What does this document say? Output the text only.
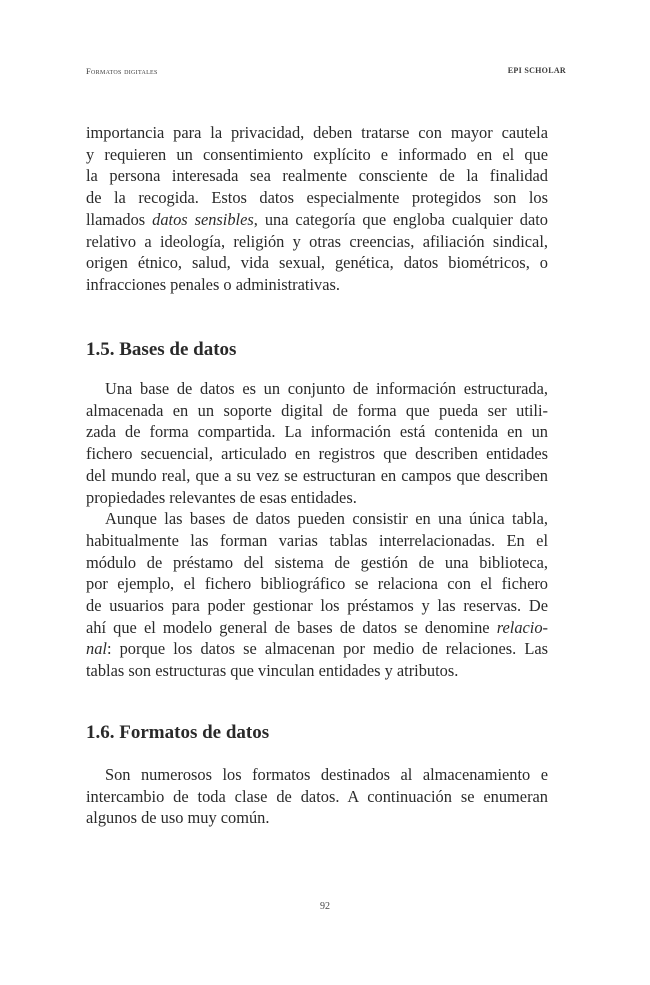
Formatos digitales	EPI SCHOLAR
importancia para la privacidad, deben tratarse con mayor cautela
y requieren un consentimiento explícito e informado en el que
la persona interesada sea realmente consciente de la finalidad
de la recogida. Estos datos especialmente protegidos son los
llamados datos sensibles, una categoría que engloba cualquier dato
relativo a ideología, religión y otras creencias, afiliación sindical,
origen étnico, salud, vida sexual, genética, datos biométricos, o
infracciones penales o administrativas.
1.5. Bases de datos

Una base de datos es un conjunto de información estructurada,
almacenada en un soporte digital de forma que pueda ser utili-
zada de forma compartida. La información está contenida en un
fichero secuencial, articulado en registros que describen entidades
del mundo real, que a su vez se estructuran en campos que describen
propiedades relevantes de esas entidades.

Aunque las bases de datos pueden consistir en una única tabla,
habitualmente las forman varias tablas interrelacionadas. En el
módulo de préstamo del sistema de gestión de una biblioteca,
por ejemplo, el fichero bibliográfico se relaciona con el fichero
de usuarios para poder gestionar los préstamos y las reservas. De
ahí que el modelo general de bases de datos se denomine relacio-
nal: porque los datos se almacenan por medio de relaciones. Las
tablas son estructuras que vinculan entidades y atributos.

1.6. Formatos de datos

Son numerosos los formatos destinados al almacenamiento e
intercambio de toda clase de datos. A continuación se enumeran
algunos de uso muy común.

92
